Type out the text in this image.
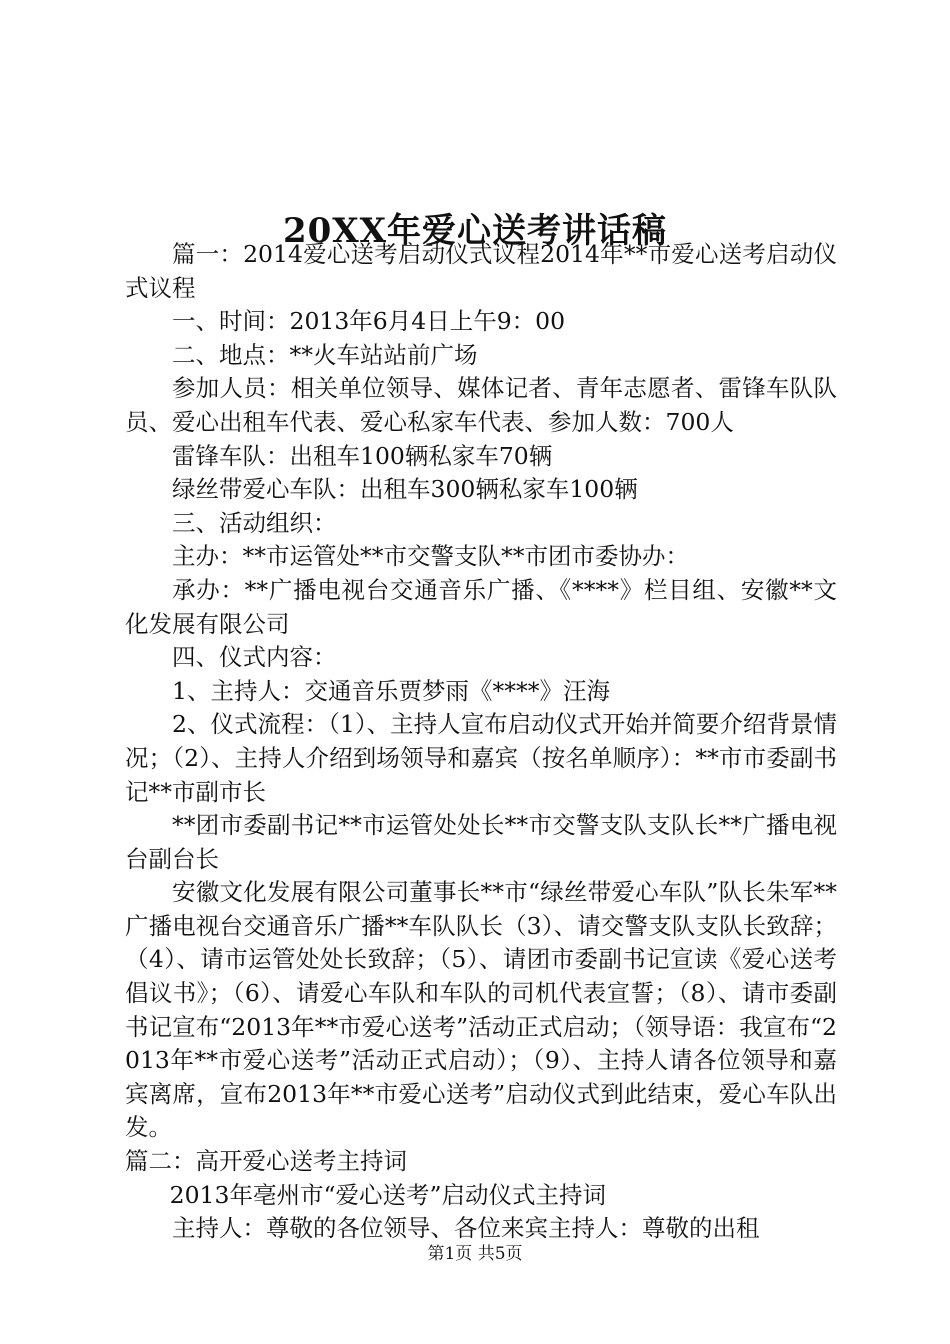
20XX年爱心送考讲话稿

篇一：2014爱心送考启动仪式议程2014年**市爱心送考启动仪式议程

一、时间：2013年6月4日上午9：00

二、地点：**火车站站前广场

参加人员：相关单位领导、媒体记者、青年志愿者、雷锋车队队员、爱心出租车代表、爱心私家车代表、参加人数：700人

雷锋车队：出租车100辆私家车70辆

绿丝带爱心车队：出租车300辆私家车100辆

三、活动组织：

主办：**市运管处**市交警支队**市团市委协办：

承办：**广播电视台交通音乐广播、《****》栏目组、安徽**文化发展有限公司

四、仪式内容：

1、主持人：交通音乐贾梦雨《****》汪海

2、仪式流程：（1）、主持人宣布启动仪式开始并简要介绍背景情况；（2）、主持人介绍到场领导和嘉宾（按名单顺序）：**市市委副书记**市副市长

**团市委副书记**市运管处处长**市交警支队支队长**广播电视台副台长

安徽文化发展有限公司董事长**市“绿丝带爱心车队”队长朱军**广播电视台交通音乐广播**车队队长（3）、请交警支队支队长致辞；（4）、请市运管处处长致辞；（5）、请团市委副书记宣读《爱心送考倡议书》；（6）、请爱心车队和车队的司机代表宣誓；（8）、请市委副书记宣布“2013年**市爱心送考”活动正式启动；（领导语：我宣布“2013年**市爱心送考”活动正式启动）；（9）、主持人请各位领导和嘉宾离席，宣布2013年**市爱心送考”启动仪式到此结束，爱心车队出发。

篇二：高开爱心送考主持词

2013年亳州市“爱心送考”启动仪式主持词

主持人：尊敬的各位领导、各位来宾主持人：尊敬的出租

第1页 共5页
